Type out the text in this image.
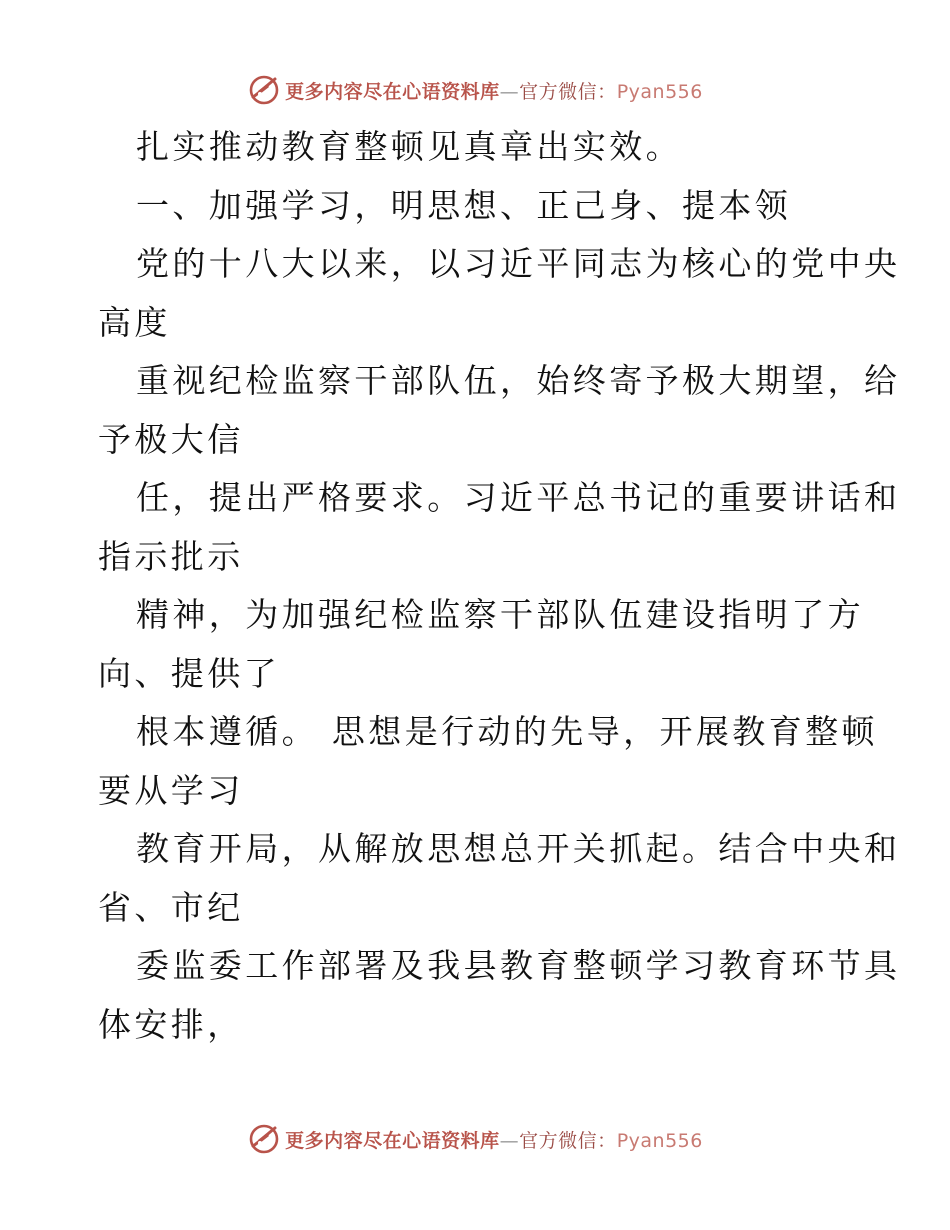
更多内容尽在心语资料库—官方微信：Pyan556
扎实推动教育整顿见真章出实效。
一、加强学习，明思想、正己身、提本领
党的十八大以来，以习近平同志为核心的党中央
高度
重视纪检监察干部队伍，始终寄予极大期望，给
予极大信
任，提出严格要求。习近平总书记的重要讲话和
指示批示
精神，为加强纪检监察干部队伍建设指明了方
向、提供了
根本遵循。 思想是行动的先导，开展教育整顿
要从学习
教育开局，从解放思想总开关抓起。结合中央和
省、市纪
委监委工作部署及我县教育整顿学习教育环节具
体安排，
更多内容尽在心语资料库—官方微信：Pyan556
